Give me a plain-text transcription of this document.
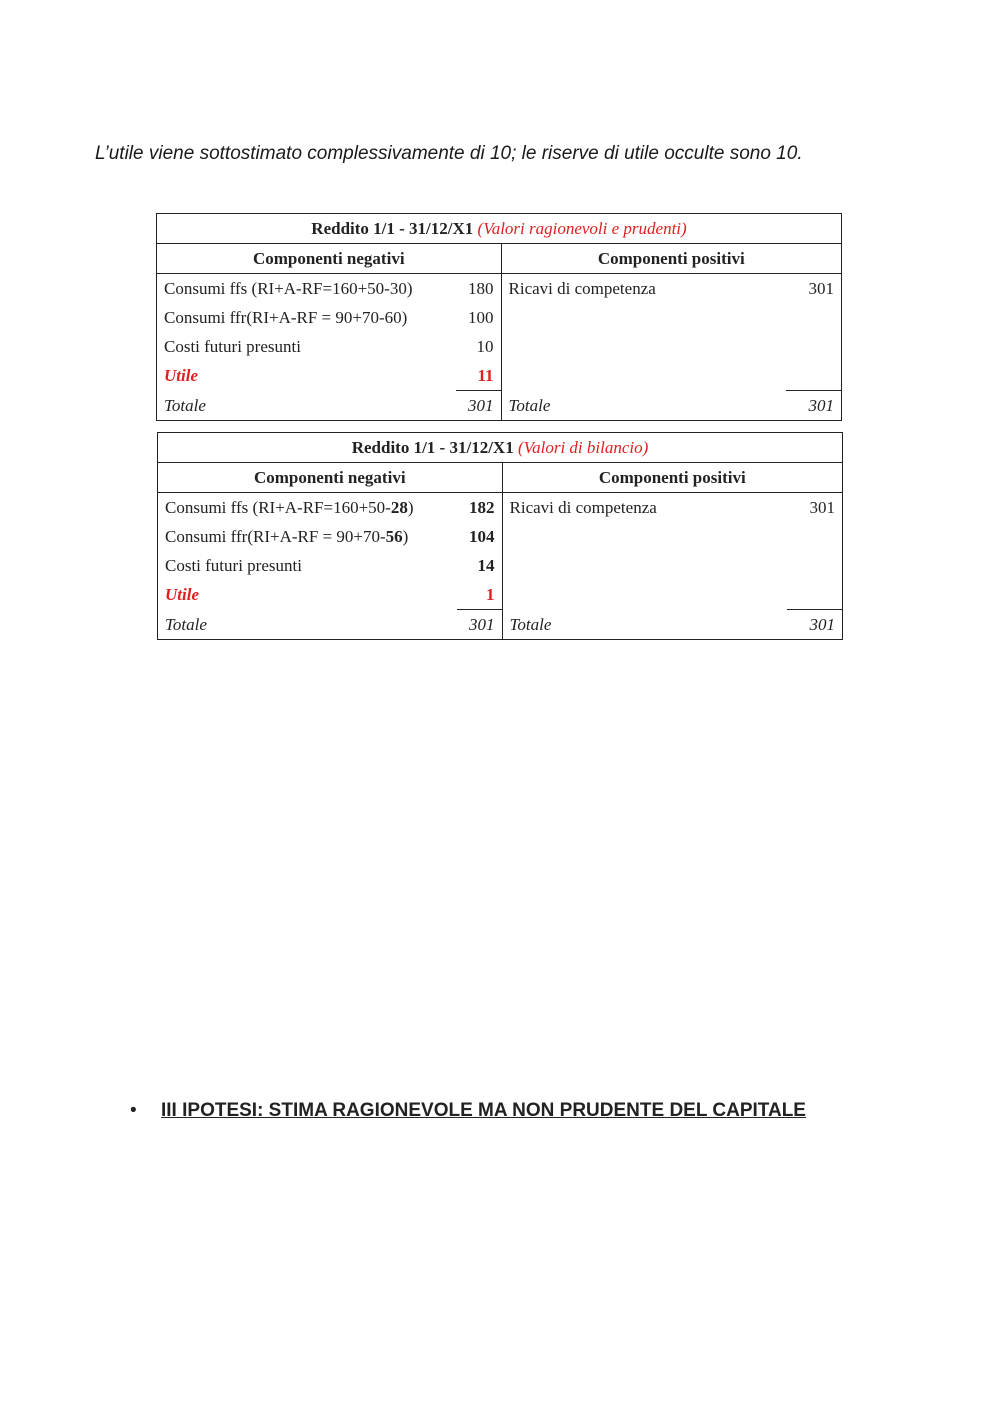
L’utile viene sottostimato complessivamente di 10; le riserve di utile occulte sono 10.
Reddito 1/1 - 31/12/X1 (Valori ragionevoli e prudenti)			
Componenti negativi		Componenti positivi	
Consumi ffs (RI+A-RF=160+50-30)	180	Ricavi di competenza	301
Consumi ffr(RI+A-RF = 90+70-60)	100		
Costi futuri presunti	10		
Utile	11		
Totale	301	Totale	301
Reddito 1/1 - 31/12/X1 (Valori di bilancio)			
Componenti negativi		Componenti positivi	
Consumi ffs (RI+A-RF=160+50-28)	182	Ricavi di competenza	301
Consumi ffr(RI+A-RF = 90+70-56)	104		
Costi futuri presunti	14		
Utile	1		
Totale	301	Totale	301
• III IPOTESI: STIMA RAGIONEVOLE MA NON PRUDENTE DEL CAPITALE
